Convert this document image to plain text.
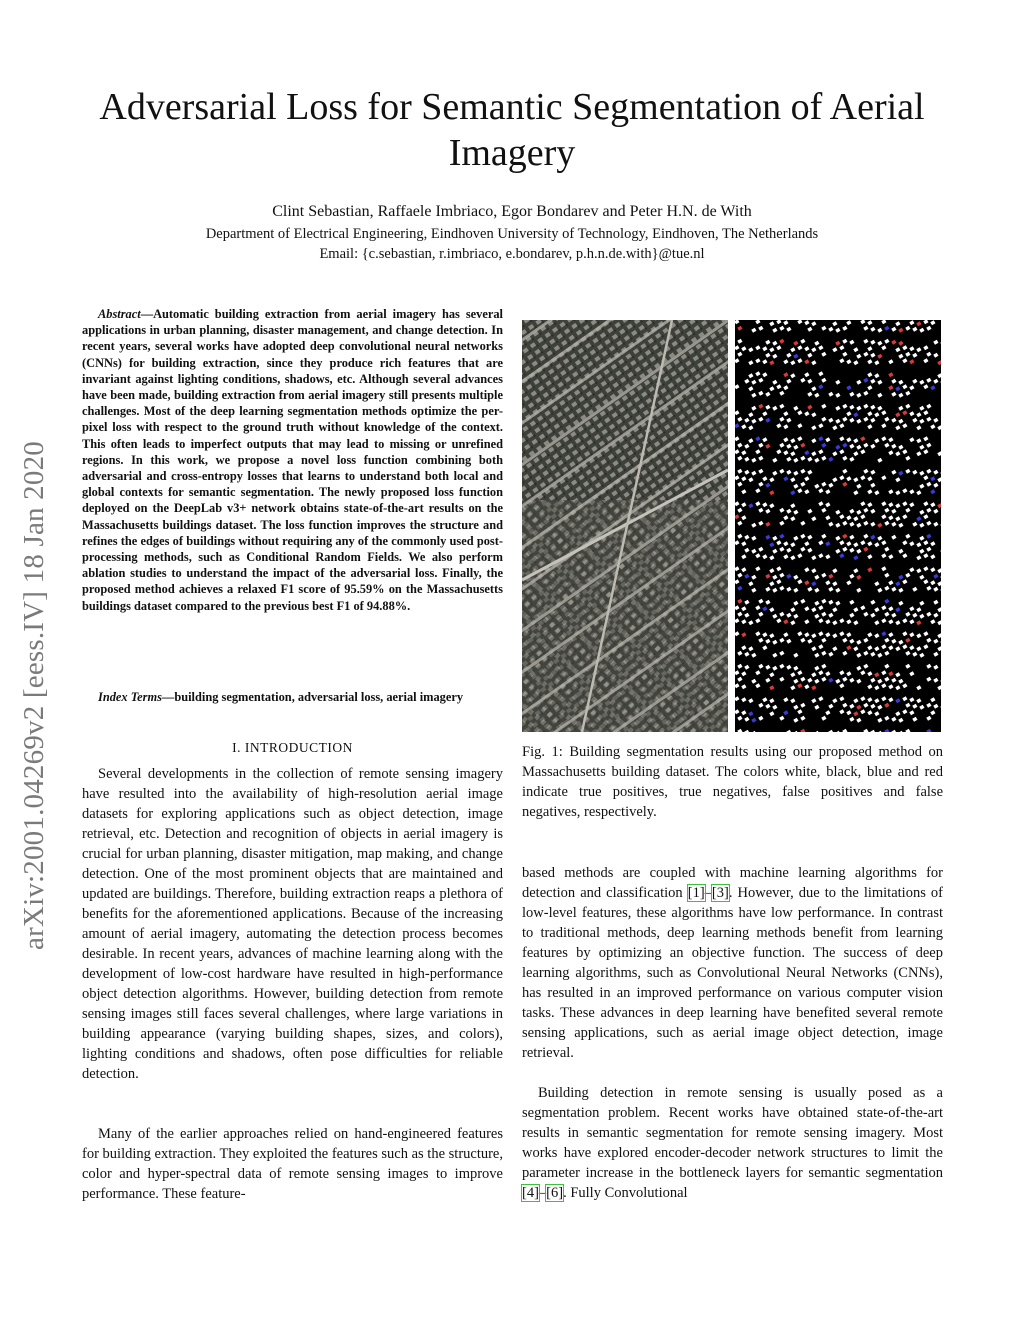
arXiv:2001.04269v2 [eess.IV] 18 Jan 2020
Adversarial Loss for Semantic Segmentation of Aerial Imagery
Clint Sebastian, Raffaele Imbriaco, Egor Bondarev and Peter H.N. de With
Department of Electrical Engineering, Eindhoven University of Technology, Eindhoven, The Netherlands
Email: {c.sebastian, r.imbriaco, e.bondarev, p.h.n.de.with}@tue.nl

Abstract—Automatic building extraction from aerial imagery has several applications in urban planning, disaster management, and change detection. In recent years, several works have adopted deep convolutional neural networks (CNNs) for building extraction, since they produce rich features that are invariant against lighting conditions, shadows, etc. Although several advances have been made, building extraction from aerial imagery still presents multiple challenges. Most of the deep learning segmentation methods optimize the per-pixel loss with respect to the ground truth without knowledge of the context. This often leads to imperfect outputs that may lead to missing or unrefined regions. In this work, we propose a novel loss function combining both adversarial and cross-entropy losses that learns to understand both local and global contexts for semantic segmentation. The newly proposed loss function deployed on the DeepLab v3+ network obtains state-of-the-art results on the Massachusetts buildings dataset. The loss function improves the structure and refines the edges of buildings without requiring any of the commonly used post-processing methods, such as Conditional Random Fields. We also perform ablation studies to understand the impact of the adversarial loss. Finally, the proposed method achieves a relaxed F1 score of 95.59% on the Massachusetts buildings dataset compared to the previous best F1 of 94.88%.

Index Terms—building segmentation, adversarial loss, aerial imagery

I. INTRODUCTION

Several developments in the collection of remote sensing imagery have resulted into the availability of high-resolution aerial image datasets for exploring applications such as object detection, image retrieval, etc. Detection and recognition of objects in aerial imagery is crucial for urban planning, disaster mitigation, map making, and change detection. One of the most prominent objects that are maintained and updated are buildings. Therefore, building extraction reaps a plethora of benefits for the aforementioned applications. Because of the increasing amount of aerial imagery, automating the detection process becomes desirable. In recent years, advances of machine learning along with the development of low-cost hardware have resulted in high-performance object detection algorithms. However, building detection from remote sensing images still faces several challenges, where large variations in building appearance (varying building shapes, sizes, and colors), lighting conditions and shadows, often pose difficulties for reliable detection.

Many of the earlier approaches relied on hand-engineered features for building extraction. They exploited the features such as the structure, color and hyper-spectral data of remote sensing images to improve performance. These feature-

Fig. 1: Building segmentation results using our proposed method on Massachusetts building dataset. The colors white, black, blue and red indicate true positives, true negatives, false positives and false negatives, respectively.

based methods are coupled with machine learning algorithms for detection and classification [1]–[3]. However, due to the limitations of low-level features, these algorithms have low performance. In contrast to traditional methods, deep learning methods benefit from learning features by optimizing an objective function. The success of deep learning algorithms, such as Convolutional Neural Networks (CNNs), has resulted in an improved performance on various computer vision tasks. These advances in deep learning have benefited several remote sensing applications, such as aerial image object detection, image retrieval.

Building detection in remote sensing is usually posed as a segmentation problem. Recent works have obtained state-of-the-art results in semantic segmentation for remote sensing imagery. Most works have explored encoder-decoder network structures to limit the parameter increase in the bottleneck layers for semantic segmentation [4]–[6]. Fully Convolutional
